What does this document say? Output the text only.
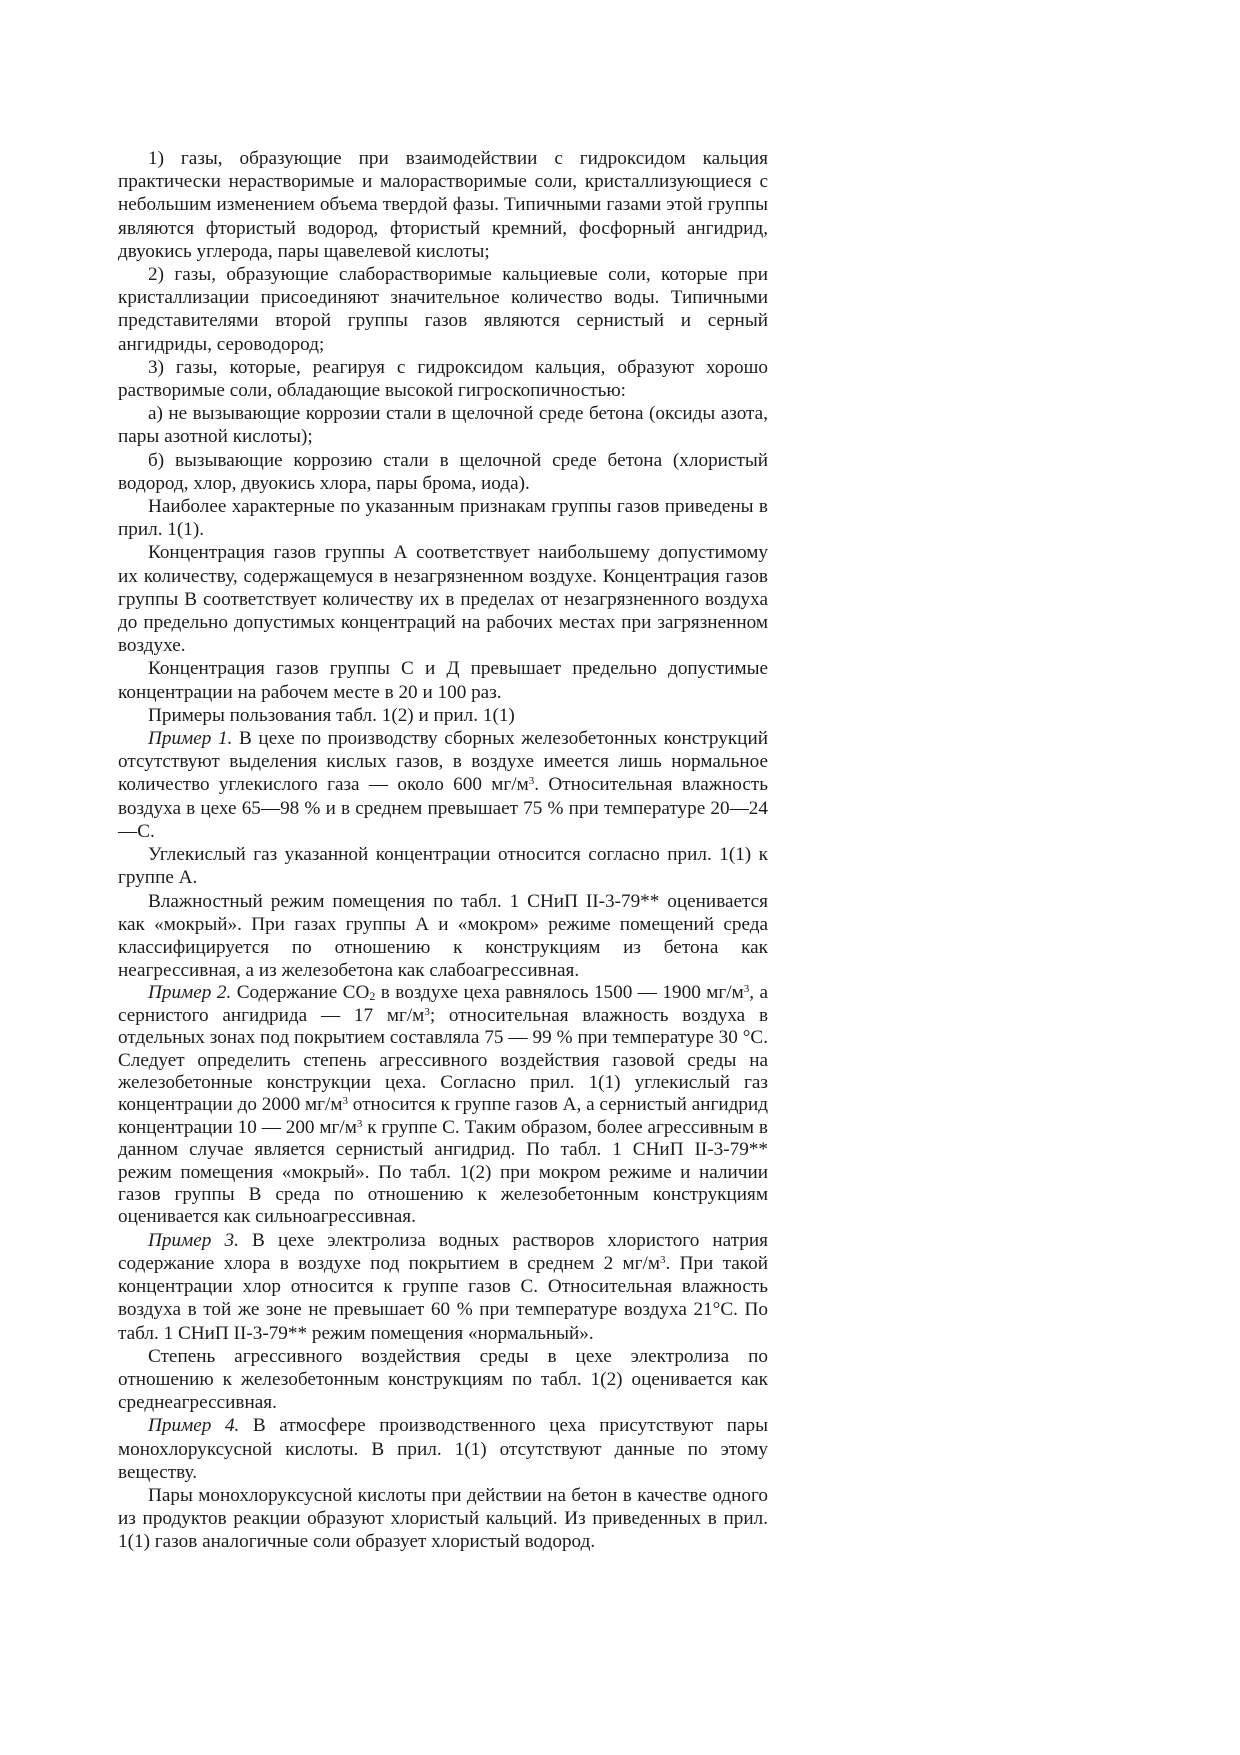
1) газы, образующие при взаимодействии с гидроксидом кальция практически нерастворимые и малорастворимые соли, кристаллизующиеся с небольшим изменением объема твердой фазы. Типичными газами этой группы являются фтористый водород, фтористый кремний, фосфорный ангидрид, двуокись углерода, пары щавелевой кислоты;

2) газы, образующие слаборастворимые кальциевые соли, которые при кристаллизации присоединяют значительное количество воды. Типичными представителями второй группы газов являются сернистый и серный ангидриды, сероводород;

3) газы, которые, реагируя с гидроксидом кальция, образуют хорошо растворимые соли, обладающие высокой гигроскопичностью:

а) не вызывающие коррозии стали в щелочной среде бетона (оксиды азота, пары азотной кислоты);

б) вызывающие коррозию стали в щелочной среде бетона (хлористый водород, хлор, двуокись хлора, пары брома, иода).

Наиболее характерные по указанным признакам группы газов приведены в прил. 1(1).

Концентрация газов группы А соответствует наибольшему допустимому их количеству, содержащемуся в незагрязненном воздухе. Концентрация газов группы В соответствует количеству их в пределах от незагрязненного воздуха до предельно допустимых концентраций на рабочих местах при загрязненном воздухе.

Концентрация газов группы С и Д превышает предельно допустимые концентрации на рабочем месте в 20 и 100 раз.

Примеры пользования табл. 1(2) и прил. 1(1)

Пример 1. В цехе по производству сборных железобетонных конструкций отсутствуют выделения кислых газов, в воздухе имеется лишь нормальное количество углекислого газа — около 600 $мг/м^3$. Относительная влажность воздуха в цехе 65—98 % и в среднем превышает 75 % при температуре 20—24 —С.

Углекислый газ указанной концентрации относится согласно прил. 1(1) к группе А.

Влажностный режим помещения по табл. 1 СНиП II-3-79** оценивается как «мокрый». При газах группы А и «мокром» режиме помещений среда классифицируется по отношению к конструкциям из бетона как неагрессивная, а из железобетона как слабоагрессивная.

Пример 2. Содержание $CO_2$ в воздухе цеха равнялось 1500 — 1900 $мг/м^3$, а сернистого ангидрида — 17 $мг/м^3$; относительная влажность воздуха в отдельных зонах под покрытием составляла 75 — 99 % при температуре 30 °С. Следует определить степень агрессивного воздействия газовой среды на железобетонные конструкции цеха. Согласно прил. 1(1) углекислый газ концентрации до 2000 $мг/м^3$ относится к группе газов А, а сернистый ангидрид концентрации 10 — 200 $мг/м^3$ к группе С. Таким образом, более агрессивным в данном случае является сернистый ангидрид. По табл. 1 СНиП II-3-79** режим помещения «мокрый». По табл. 1(2) при мокром режиме и наличии газов группы В среда по отношению к железобетонным конструкциям оценивается как сильноагрессивная.

Пример 3. В цехе электролиза водных растворов хлористого натрия содержание хлора в воздухе под покрытием в среднем 2 $мг/м^3$. При такой концентрации хлор относится к группе газов С. Относительная влажность воздуха в той же зоне не превышает 60 % при температуре воздуха 21°С. По табл. 1 СНиП II-3-79** режим помещения «нормальный».

Степень агрессивного воздействия среды в цехе электролиза по отношению к железобетонным конструкциям по табл. 1(2) оценивается как среднеагрессивная.

Пример 4. В атмосфере производственного цеха присутствуют пары монохлоруксусной кислоты. В прил. 1(1) отсутствуют данные по этому веществу.

Пары монохлоруксусной кислоты при действии на бетон в качестве одного из продуктов реакции образуют хлористый кальций. Из приведенных в прил. 1(1) газов аналогичные соли образует хлористый водород.
